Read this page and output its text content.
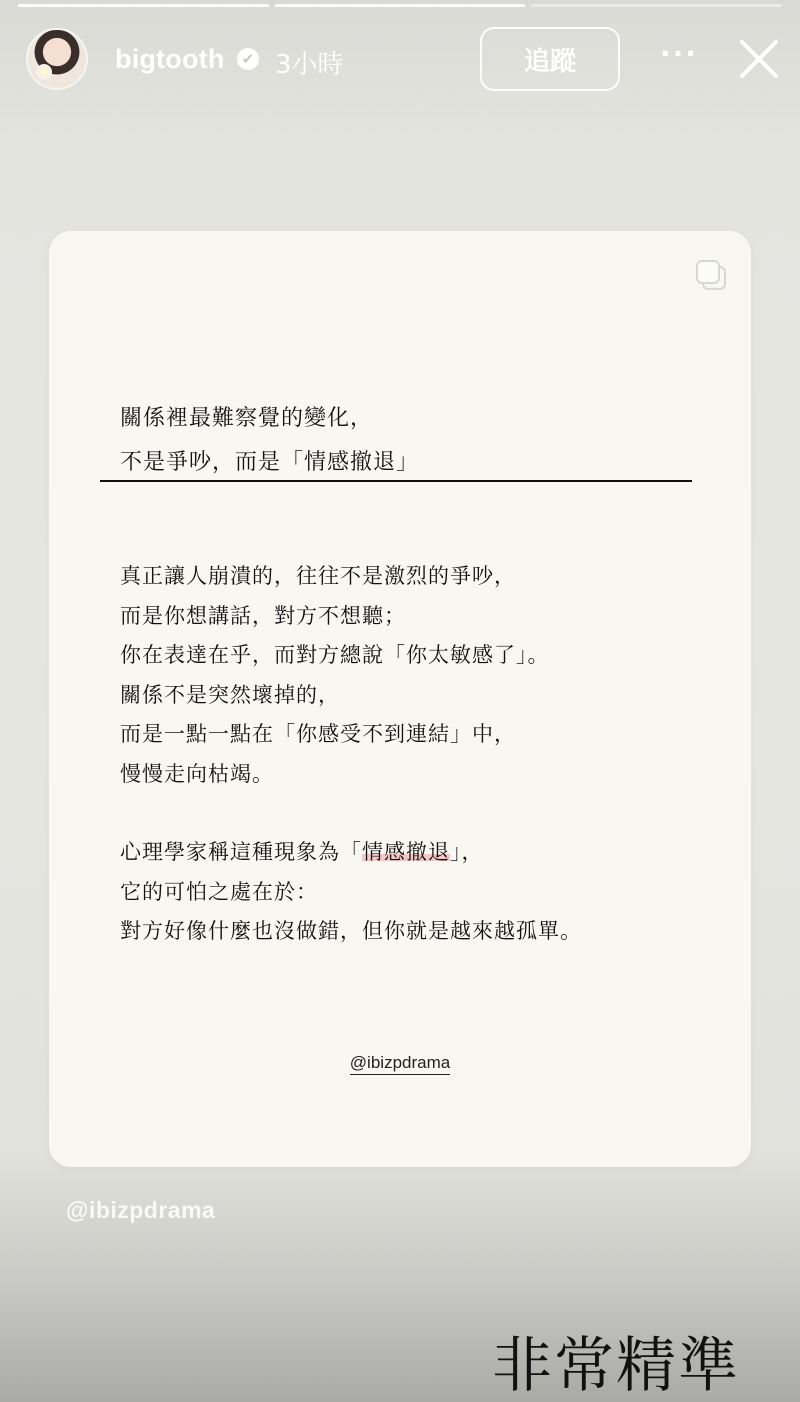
bigtooth	✔ 3小時	追蹤	···
關係裡最難察覺的變化，
不是爭吵，而是「情感撤退」
真正讓人崩潰的，往往不是激烈的爭吵，
而是你想講話，對方不想聽；
你在表達在乎，而對方總說「你太敏感了」。
關係不是突然壞掉的，
而是一點一點在「你感受不到連結」中，
慢慢走向枯竭。
心理學家稱這種現象為「情感撤退」，
它的可怕之處在於：
對方好像什麼也沒做錯，但你就是越來越孤單。
@ibizpdrama
@ibizpdrama
非常精準
